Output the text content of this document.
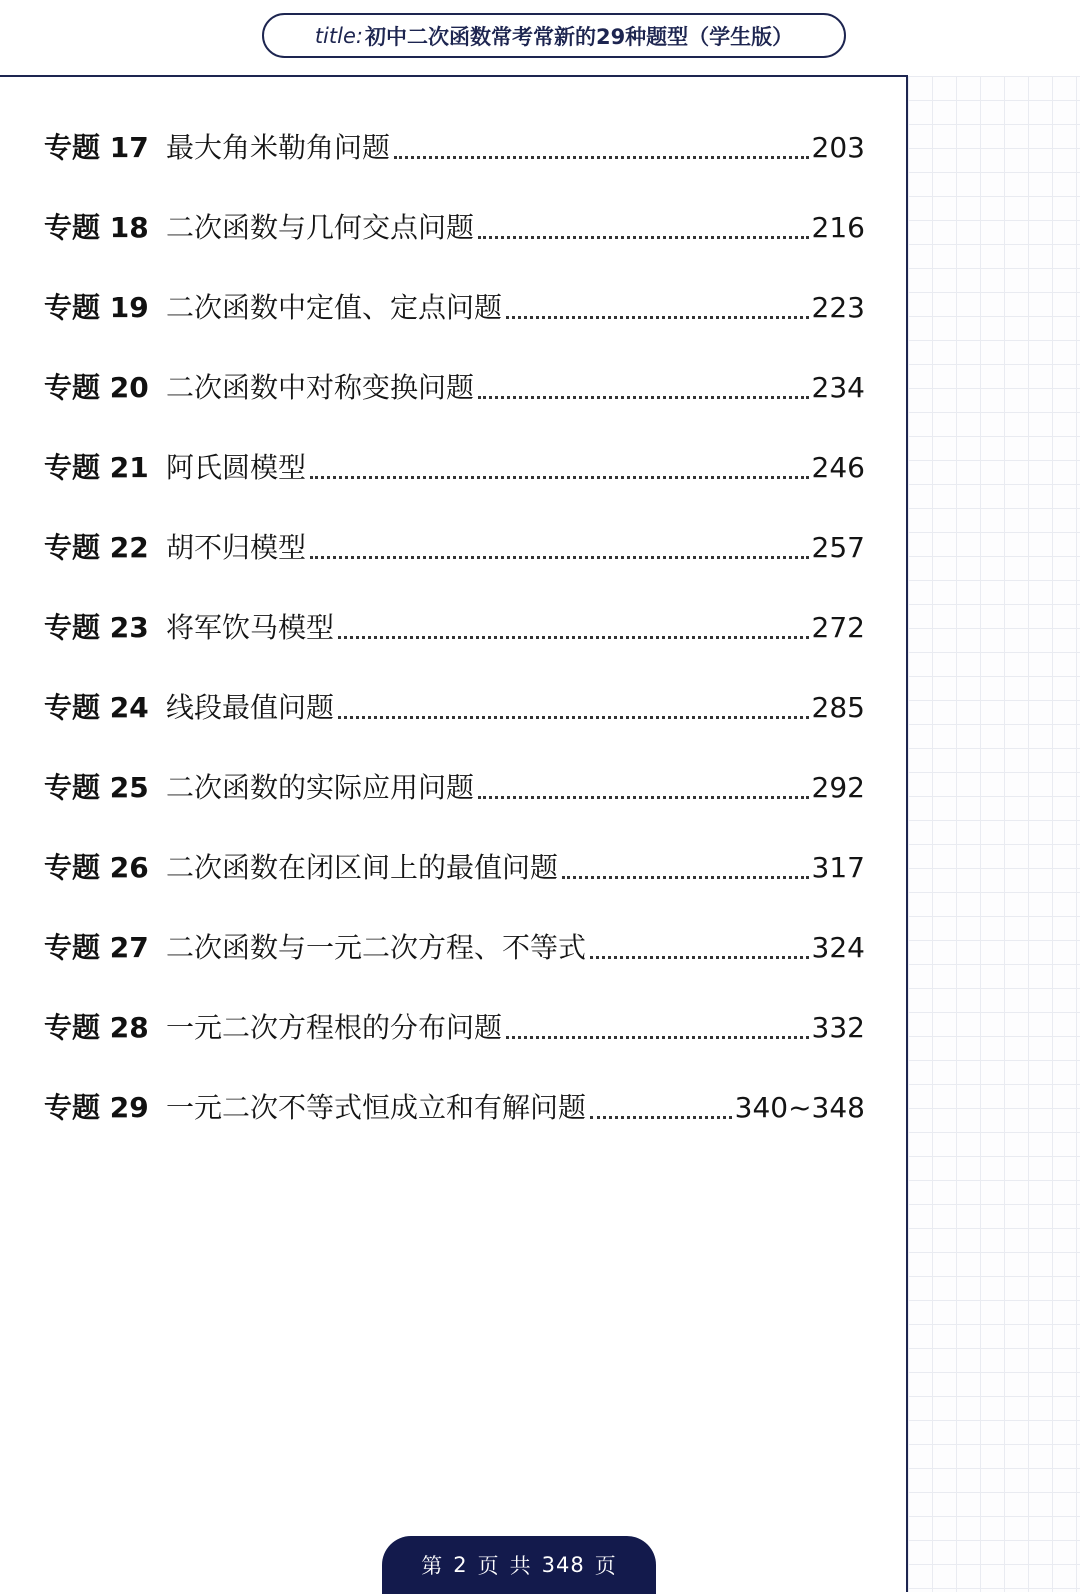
title: 初中二次函数常考常新的29种题型（学生版）
专题 17 最大角米勒角问题	203
专题 18 二次函数与几何交点问题	216
专题 19 二次函数中定值、定点问题	223
专题 20 二次函数中对称变换问题	234
专题 21 阿氏圆模型	246
专题 22 胡不归模型	257
专题 23 将军饮马模型	272
专题 24 线段最值问题	285
专题 25 二次函数的实际应用问题	292
专题 26 二次函数在闭区间上的最值问题	317
专题 27 二次函数与一元二次方程、不等式	324
专题 28 一元二次方程根的分布问题	332
专题 29 一元二次不等式恒成立和有解问题	340~348
第 2 页 共 348 页
